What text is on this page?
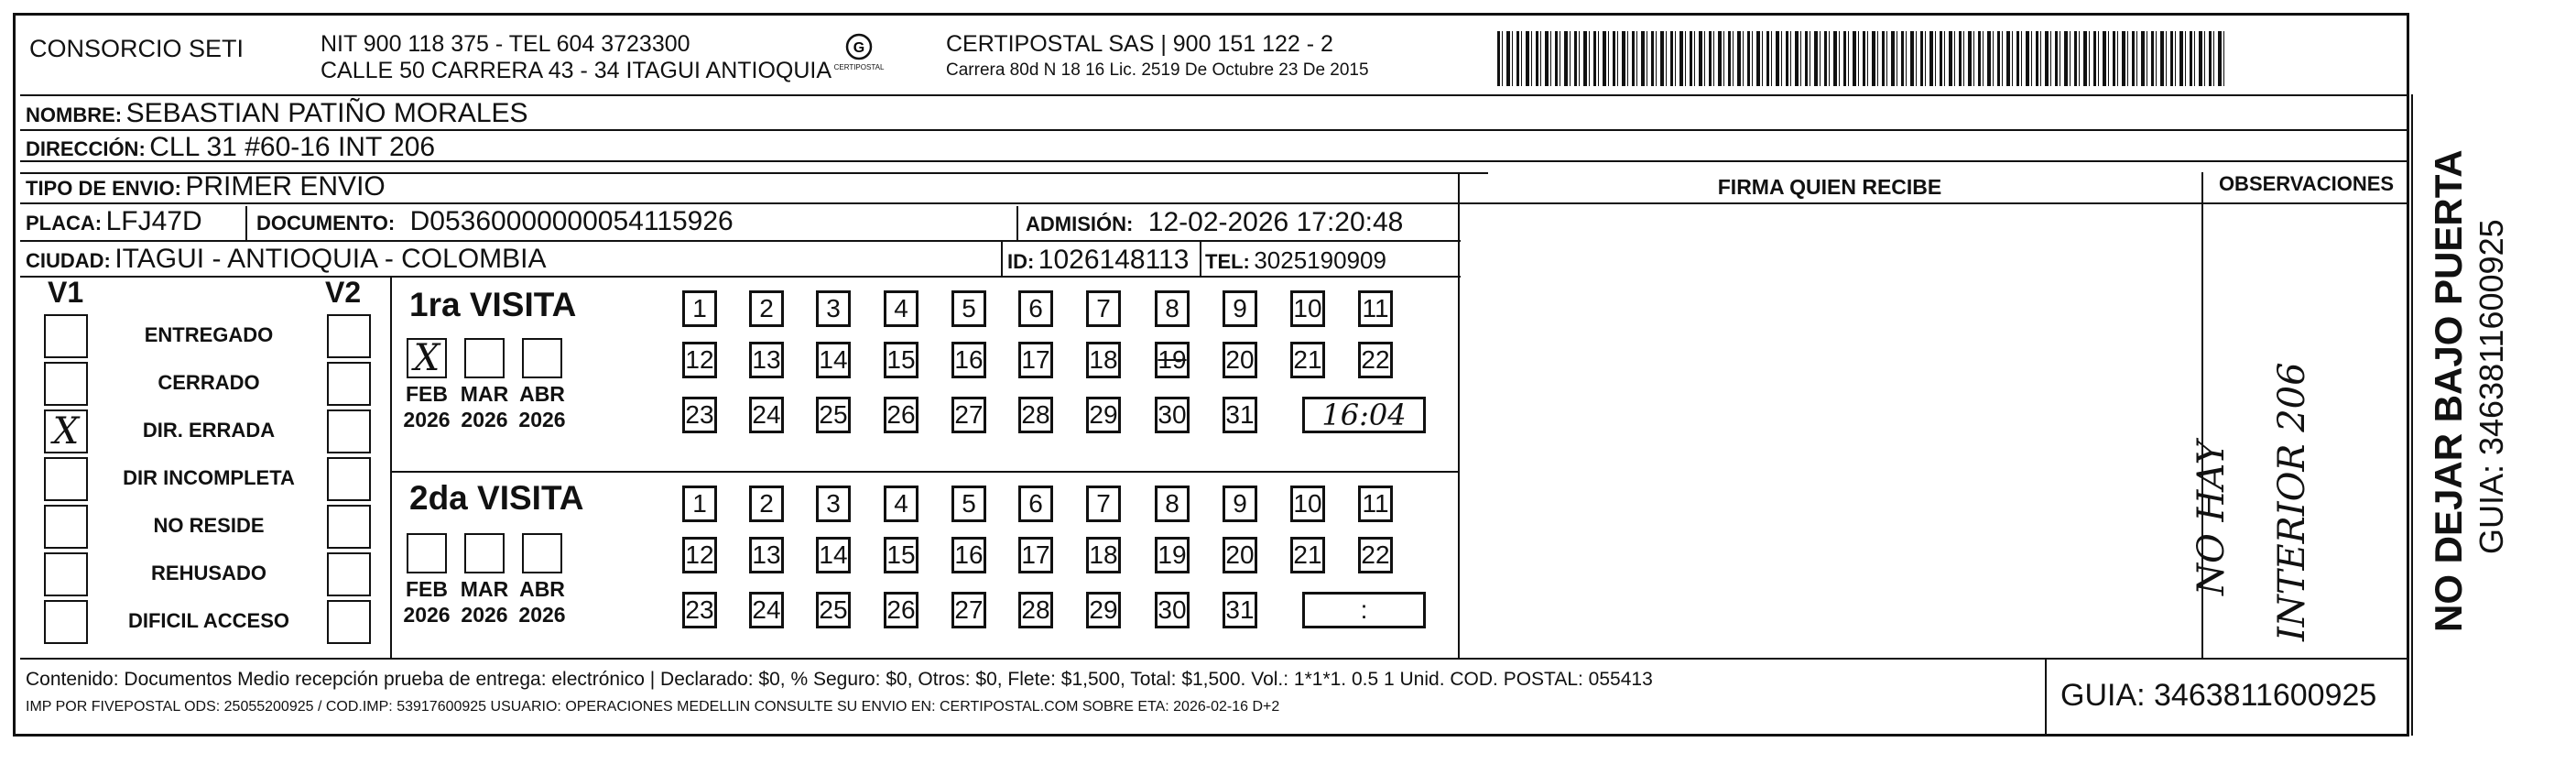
CONSORCIO SETI	NIT 900 118 375 - TEL 604 3723300
CALLE 50 CARRERA 43 - 34 ITAGUI ANTIOQUIA
G
CERTIPOSTAL
CERTIPOSTAL SAS | 900 151 122 - 2
Carrera 80d N 18 16 Lic. 2519 De Octubre 23 De 2015
NOMBRE: SEBASTIAN PATIÑO MORALES
DIRECCIÓN: CLL 31 #60-16 INT 206
TIPO DE ENVIO: PRIMER ENVIO
PLACA: LFJ47D	DOCUMENTO: D05360000000054115926	ADMISIÓN: 12-02-2026 17:20:48
CIUDAD: ITAGUI - ANTIOQUIA - COLOMBIA	ID: 1026148113 TEL: 3025190909
FIRMA QUIEN RECIBE	OBSERVACIONES
NO HAY INTERIOR 206
V1	V2
ENTREGADO
CERRADO
X	DIR. ERRADA
DIR INCOMPLETA
NO RESIDE
REHUSADO
DIFICIL ACCESO
1ra VISITA
2da VISITA
X
FEB
2026
MAR
2026
ABR
2026
1	2	3	4	5	6	7	8	9	10 11
12 13 14 15 16 17 18 19 20 21 22
23 24 25 26 27 28 29 30 31	16:04
FEB
2026
MAR
2026
ABR
2026
1	2	3	4	5	6	7	8	9	10 11
12 13 14 15 16 17 18 19 20 21 22
23 24 25 26 27 28 29 30 31	:
Contenido: Documentos Medio recepción prueba de entrega: electrónico | Declarado: $0, % Seguro: $0, Otros: $0, Flete: $1,500, Total: $1,500. Vol.: 1*1*1. 0.5 1 Unid. COD. POSTAL: 055413
IMP POR FIVEPOSTAL ODS: 25055200925 / COD.IMP: 53917600925 USUARIO: OPERACIONES MEDELLIN CONSULTE SU ENVIO EN: CERTIPOSTAL.COM SOBRE ETA: 2026-02-16 D+2	GUIA: 3463811600925
NO DEJAR BAJO PUERTA GUIA: 3463811600925
